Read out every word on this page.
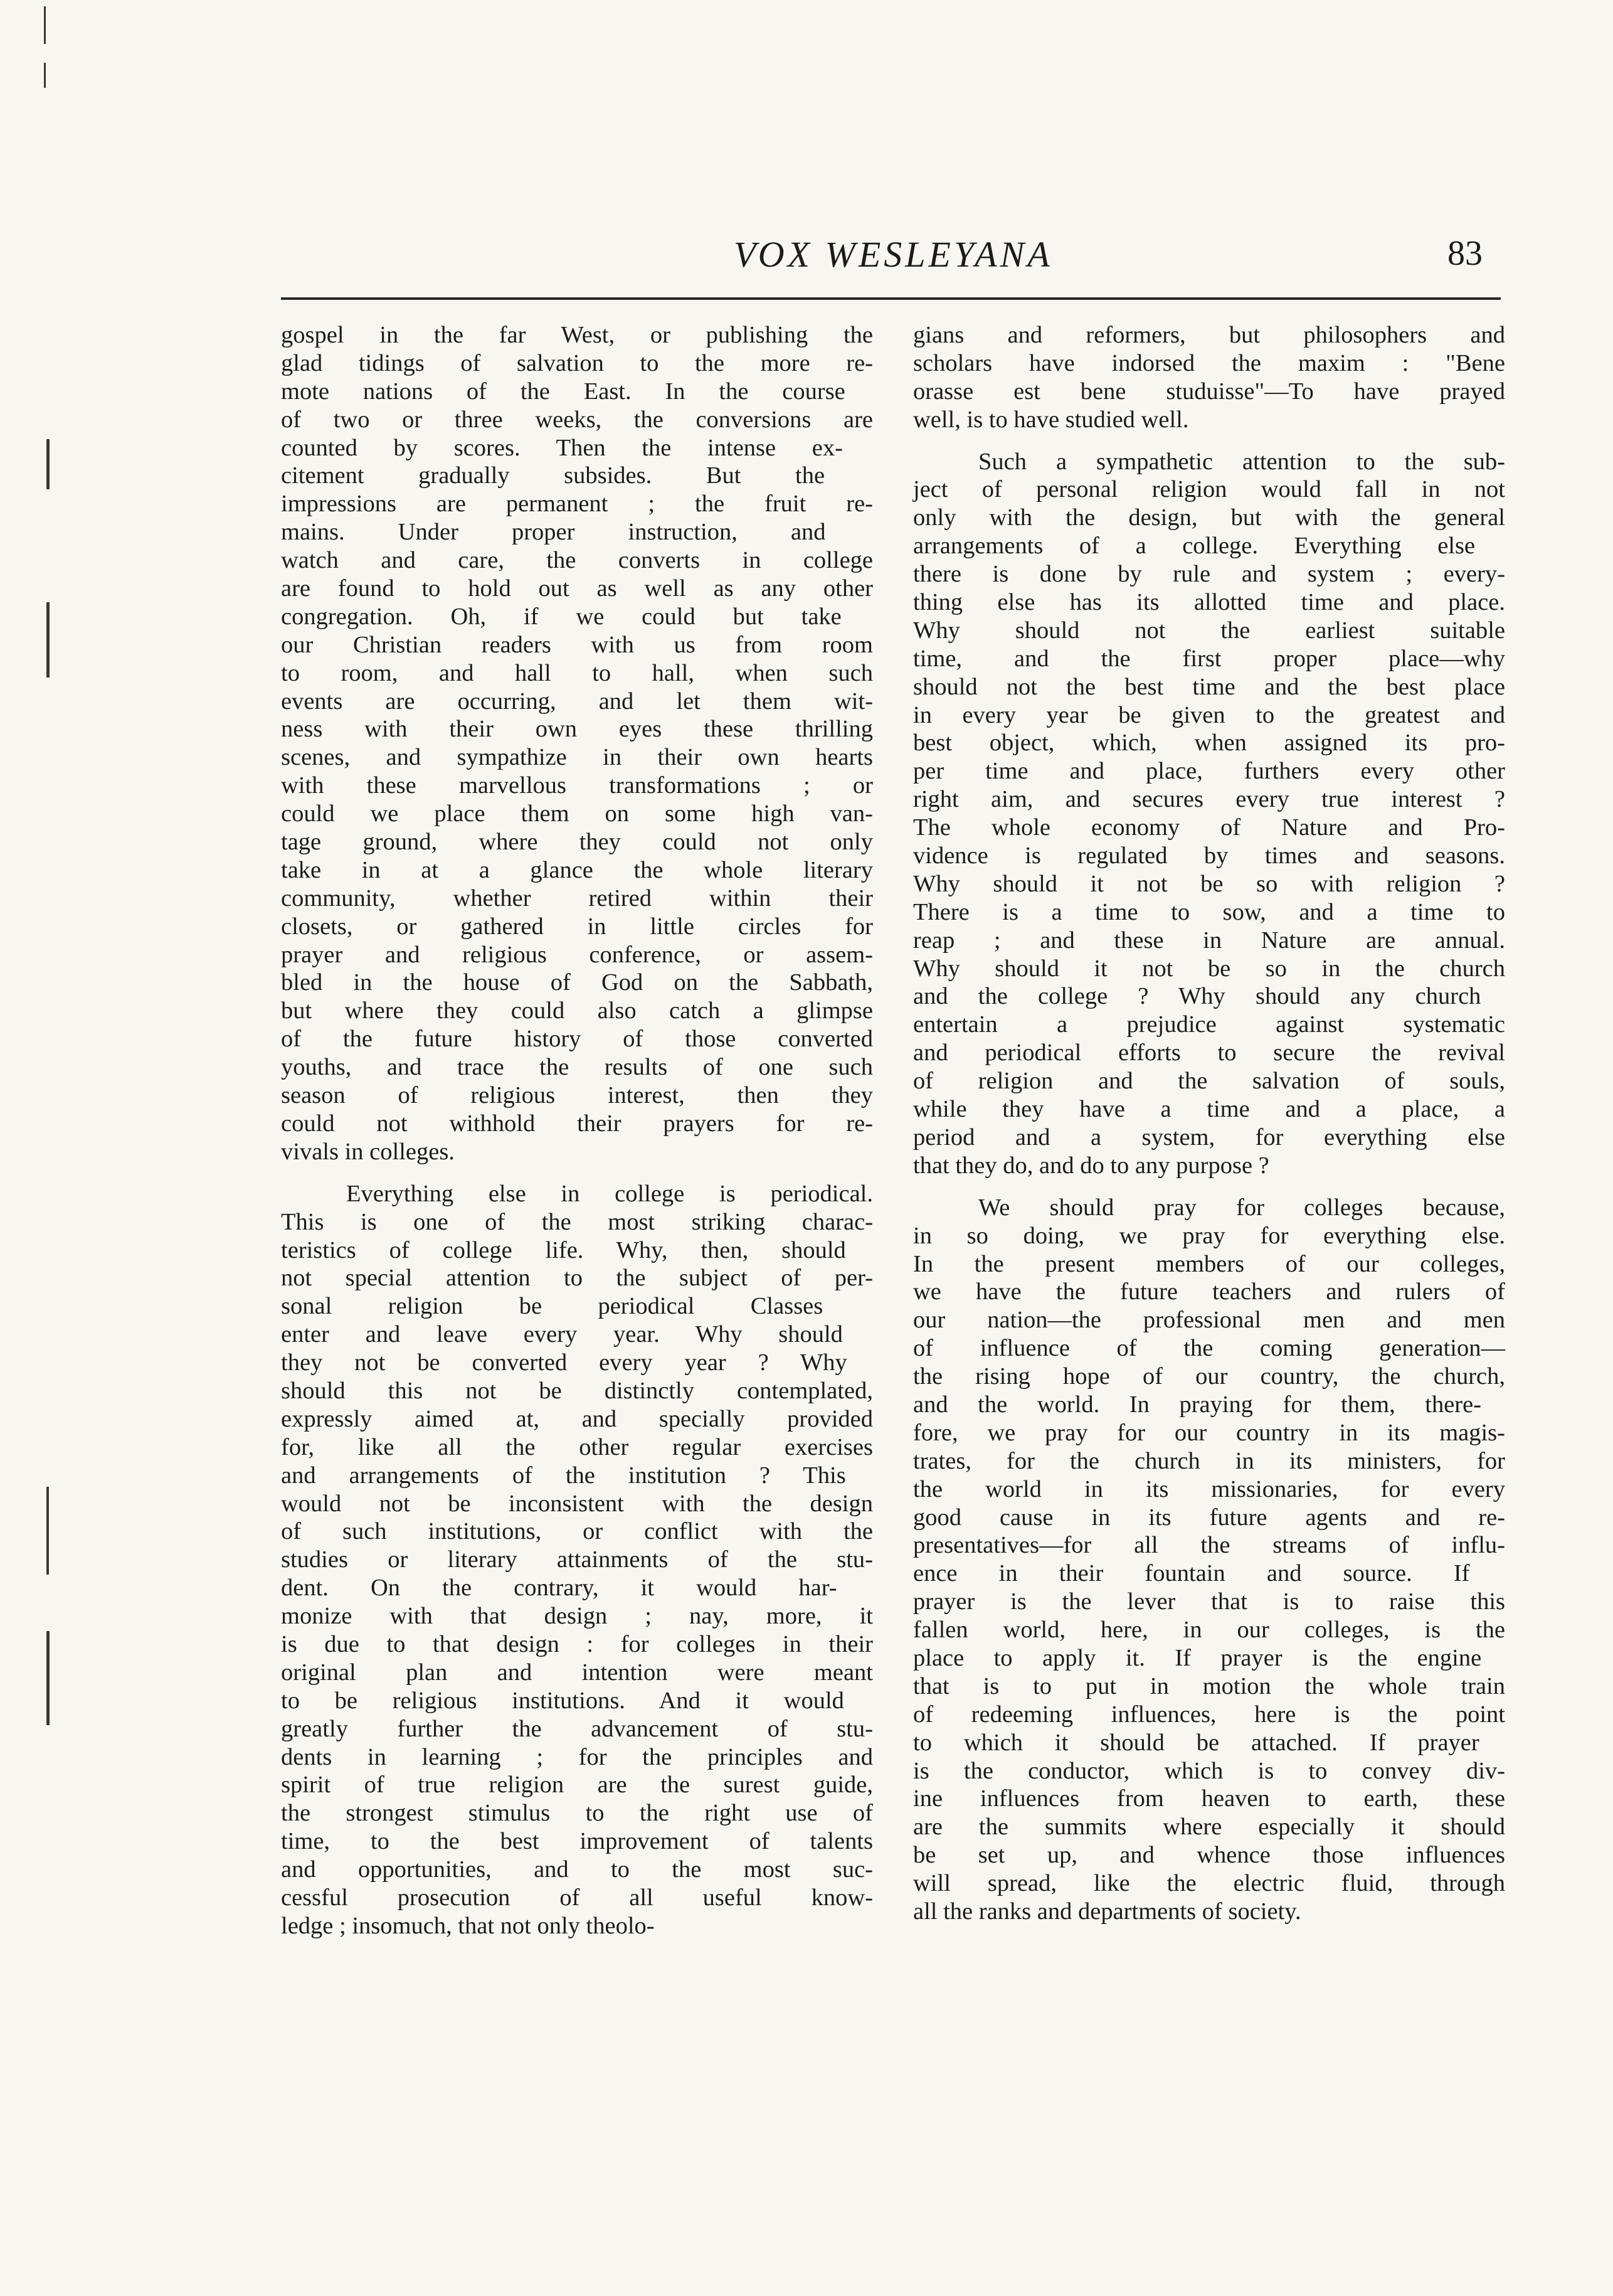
VOX WESLEYANA	83
gospel in the far West, or publishing the
glad tidings of salvation to the more re-
mote nations of the East. In the course
of two or three weeks, the conversions are
counted by scores. Then the intense ex-
citement gradually subsides. But the
impressions are permanent ; the fruit re-
mains. Under proper instruction, and
watch and care, the converts in college
are found to hold out as well as any other
congregation. Oh, if we could but take
our Christian readers with us from room
to room, and hall to hall, when such
events are occurring, and let them wit-
ness with their own eyes these thrilling
scenes, and sympathize in their own hearts
with these marvellous transformations ; or
could we place them on some high van-
tage ground, where they could not only
take in at a glance the whole literary
community, whether retired within their
closets, or gathered in little circles for
prayer and religious conference, or assem-
bled in the house of God on the Sabbath,
but where they could also catch a glimpse
of the future history of those converted
youths, and trace the results of one such
season of religious interest, then they
could not withhold their prayers for re-
vivals in colleges.
Everything else in college is periodical.
This is one of the most striking charac-
teristics of college life. Why, then, should
not special attention to the subject of per-
sonal religion be periodical Classes
enter and leave every year. Why should
they not be converted every year ? Why
should this not be distinctly contemplated,
expressly aimed at, and specially provided
for, like all the other regular exercises
and arrangements of the institution ? This
would not be inconsistent with the design
of such institutions, or conflict with the
studies or literary attainments of the stu-
dent. On the contrary, it would har-
monize with that design ; nay, more, it
is due to that design : for colleges in their
original plan and intention were meant
to be religious institutions. And it would
greatly further the advancement of stu-
dents in learning ; for the principles and
spirit of true religion are the surest guide,
the strongest stimulus to the right use of
time, to the best improvement of talents
and opportunities, and to the most suc-
cessful prosecution of all useful know-
ledge ; insomuch, that not only theolo-
gians and reformers, but philosophers and
scholars have indorsed the maxim : "Bene
orasse est bene studuisse"—To have prayed
well, is to have studied well.
Such a sympathetic attention to the sub-
ject of personal religion would fall in not
only with the design, but with the general
arrangements of a college. Everything else
there is done by rule and system ; every-
thing else has its allotted time and place.
Why should not the earliest suitable
time, and the first proper place—why
should not the best time and the best place
in every year be given to the greatest and
best object, which, when assigned its pro-
per time and place, furthers every other
right aim, and secures every true interest ?
The whole economy of Nature and Pro-
vidence is regulated by times and seasons.
Why should it not be so with religion ?
There is a time to sow, and a time to
reap ; and these in Nature are annual.
Why should it not be so in the church
and the college ? Why should any church
entertain a prejudice against systematic
and periodical efforts to secure the revival
of religion and the salvation of souls,
while they have a time and a place, a
period and a system, for everything else
that they do, and do to any purpose ?
We should pray for colleges because,
in so doing, we pray for everything else.
In the present members of our colleges,
we have the future teachers and rulers of
our nation—the professional men and men
of influence of the coming generation—
the rising hope of our country, the church,
and the world. In praying for them, there-
fore, we pray for our country in its magis-
trates, for the church in its ministers, for
the world in its missionaries, for every
good cause in its future agents and re-
presentatives—for all the streams of influ-
ence in their fountain and source. If
prayer is the lever that is to raise this
fallen world, here, in our colleges, is the
place to apply it. If prayer is the engine
that is to put in motion the whole train
of redeeming influences, here is the point
to which it should be attached. If prayer
is the conductor, which is to convey div-
ine influences from heaven to earth, these
are the summits where especially it should
be set up, and whence those influences
will spread, like the electric fluid, through
all the ranks and departments of society.
